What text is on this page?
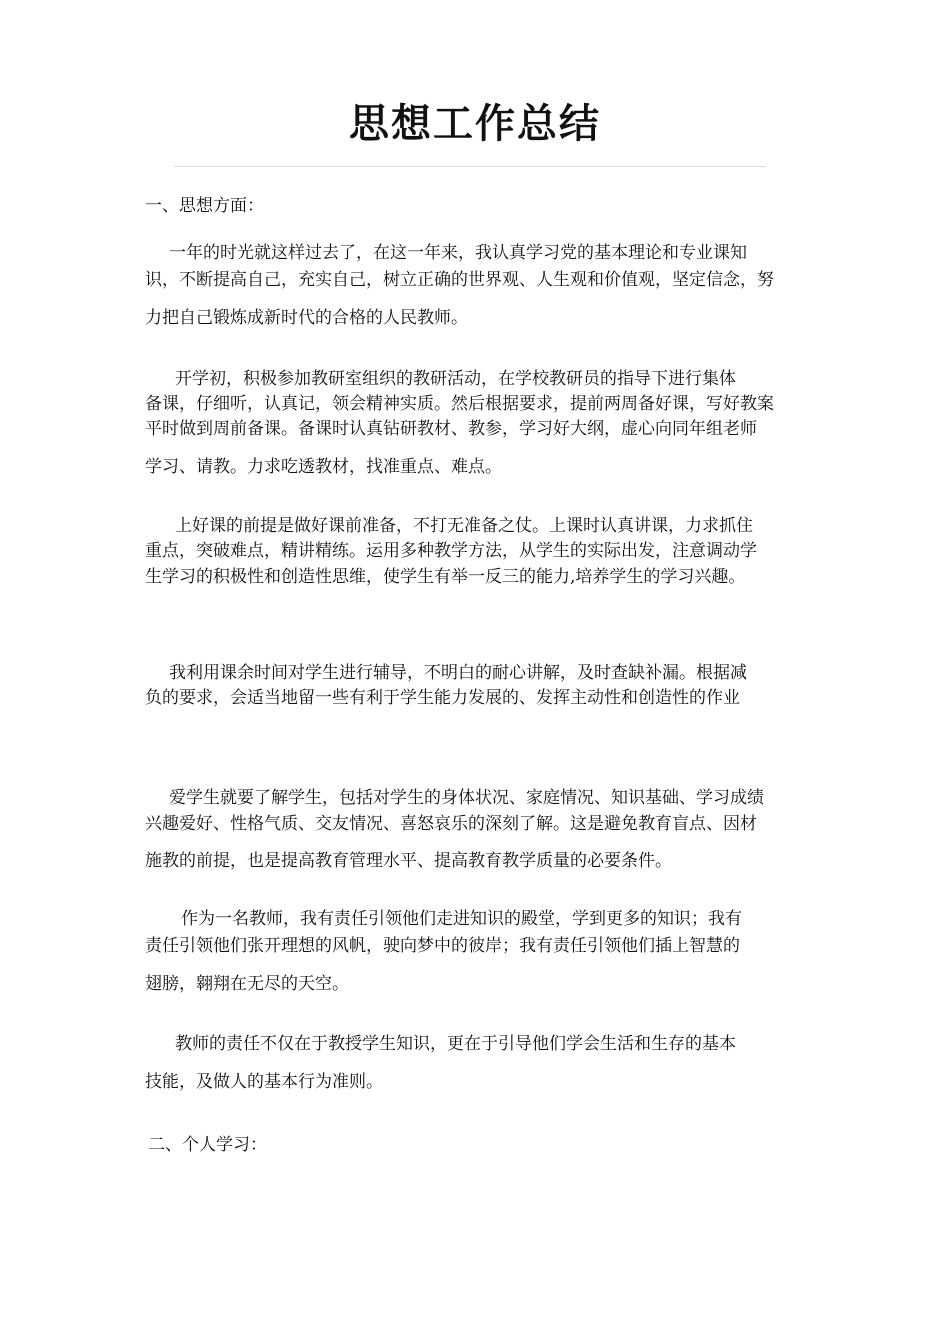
思想工作总结
一、思想方面：
一年的时光就这样过去了，在这一年来，我认真学习党的基本理论和专业课知
识，不断提高自己，充实自己，树立正确的世界观、人生观和价值观，坚定信念，努
力把自己锻炼成新时代的合格的人民教师。
开学初，积极参加教研室组织的教研活动，在学校教研员的指导下进行集体
备课，仔细听，认真记，领会精神实质。然后根据要求，提前两周备好课，写好教案
平时做到周前备课。备课时认真钻研教材、教参，学习好大纲，虚心向同年组老师
学习、请教。力求吃透教材，找准重点、难点。
上好课的前提是做好课前准备，不打无准备之仗。上课时认真讲课，力求抓住
重点，突破难点，精讲精练。运用多种教学方法，从学生的实际出发，注意调动学
生学习的积极性和创造性思维，使学生有举一反三的能力,培养学生的学习兴趣。
我利用课余时间对学生进行辅导，不明白的耐心讲解，及时查缺补漏。根据减
负的要求，会适当地留一些有利于学生能力发展的、发挥主动性和创造性的作业
爱学生就要了解学生，包括对学生的身体状况、家庭情况、知识基础、学习成绩
兴趣爱好、性格气质、交友情况、喜怒哀乐的深刻了解。这是避免教育盲点、因材
施教的前提，也是提高教育管理水平、提高教育教学质量的必要条件。
作为一名教师，我有责任引领他们走进知识的殿堂，学到更多的知识；我有
责任引领他们张开理想的风帆，驶向梦中的彼岸；我有责任引领他们插上智慧的
翅膀，翱翔在无尽的天空。
教师的责任不仅在于教授学生知识，更在于引导他们学会生活和生存的基本
技能，及做人的基本行为准则。
二、个人学习：
